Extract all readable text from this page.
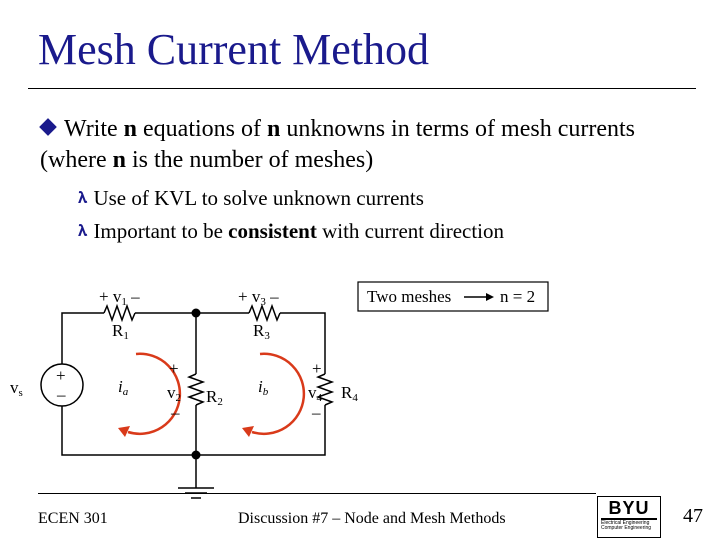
Mesh Current Method
Write n equations of n unknowns in terms of mesh currents (where n is the number of meshes)
𝛌 Use of KVL to solve unknown currents
𝛌 Important to be consistent with current direction
+ v1 –
R1
+ v3 –
R3
vs
+
–	ia	ib
+
v2
–
R2
+
v4
–
R4
Two meshes	n = 2
ECEN 301	Discussion #7 – Node and Mesh Methods
BYU
Electrical Engineering
Computer Engineering
47
